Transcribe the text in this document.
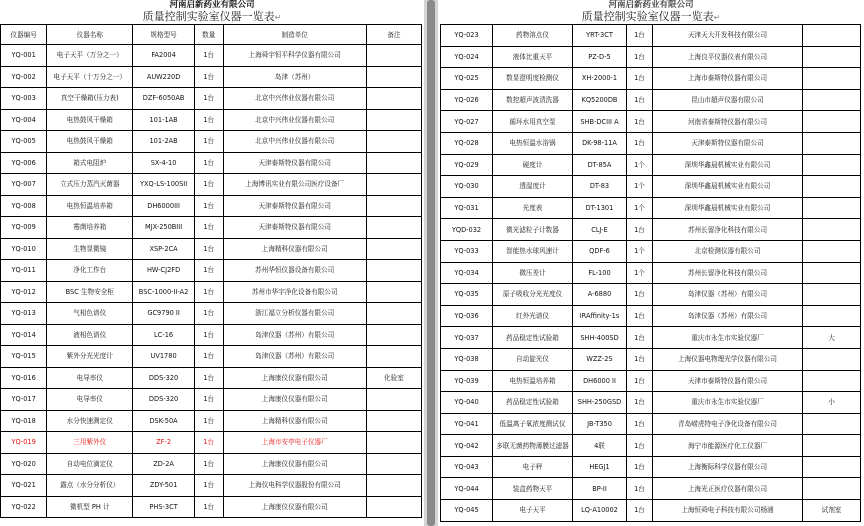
河南启新药业有限公司
质量控制实验室仪器一览表↵
仪器编号	仪器名称	规格型号	数量	制造单位	备注
YQ-001	电子天平（万分之一）	FA2004	1台	上海舜宇恒平科学仪器有限公司	
YQ-002	电子天平（十万分之一）	AUW220D	1台	岛津（苏州）	
YQ-003	真空干燥箱(压力表)	DZF-6050AB	1台	北京中兴伟业仪器有限公司	
YQ-004	电热鼓风干燥箱	101-1AB	1台	北京中兴伟业仪器有限公司	
YQ-005	电热鼓风干燥箱	101-2AB	1台	北京中兴伟业仪器有限公司	
YQ-006	箱式电阻炉	SX-4-10	1台	天津泰斯特仪器有限公司	
YQ-007	立式压力蒸汽灭菌器	YXQ-LS-100SII	1台	上海博讯实业有限公司医疗设备厂	
YQ-008	电热恒温培养箱	DH6000III	1台	天津泰斯特仪器有限公司	
YQ-009	霉菌培养箱	MJX-250BIII	1台	天津泰斯特仪器有限公司	
YQ-010	生物显微镜	XSP-2CA	1台	上海精科仪器有限公司	
YQ-011	净化工作台	HW-CJ2FD	1台	苏州华恒仪器设备有限公司	
YQ-012	BSC 生物安全柜	BSC-1000-II-A2	1台	苏州市华宇净化设备有限公司	
YQ-013	气相色谱仪	GC9790 II	1台	浙江福立分析仪器有限公司	
YQ-014	液相色谱仪	LC-16	1台	岛津仪器（苏州）有限公司	
YQ-015	紫外分光光度计	UV1780	1台	岛津仪器（苏州）有限公司	
YQ-016	电导率仪	DDS-320	1台	上海康仪仪器有限公司	化验室
YQ-017	电导率仪	DDS-320	1台	上海康仪仪器有限公司	
YQ-018	水分快速测定仪	DSK-50A	1台	上海精科仪器有限公司	
YQ-019	三用紫外仪	ZF-2	1台	上海市安亭电子仪器厂	
YQ-020	自动电位滴定仪	ZD-2A	1台	上海康仪仪器有限公司	
YQ-021	露点（水分分析仪）	ZDY-501	1台	上海仪电科学仪器股份有限公司	
YQ-022	微机型 PH 计	PHS-3CT	1台	上海康仪仪器有限公司	
河南启新药业有限公司
质量控制实验室仪器一览表↵
YQ-023	药物溶点仪	YRT-3CT	1台	天津天大开发科技有限公司	
YQ-024	液体比重天平	PZ-D-5	1台	上海良平仪器仪表有限公司	
YQ-025	数显澄明度检测仪	XH-2000-1	1台	上海市泰斯特仪器有限公司	
YQ-026	数控超声波清洗器	KQ5200DB	1台	昆山市超声仪器有限公司	
YQ-027	循环水用真空泵	SHB-DCIII A	1台	河南省泰斯特仪器有限公司	
YQ-028	电热恒温水浴锅	DK-98-11A	1台	天津泰斯特仪器有限公司	
YQ-029	硬度计	DT-85A	1个	深圳华鑫晨机械实业有限公司	
YQ-030	透湿度计	DT-83	1个	深圳华鑫晨机械实业有限公司	
YQ-031	光度表	DT-1301	1个	深圳华鑫晨机械实业有限公司	
YQD-032	微光滤粒子计数器	CLJ-E	1台	苏州长留净化科技有限公司	
YQ-033	智能热水球风速计	QDF-6	1个	北京检测仪器有限公司	
YQ-034	微压差计	FL-100	1个	苏州长留净化科技有限公司	
YQ-035	原子吸收分光光度仪	A-6880	1台	岛津仪器（苏州）有限公司	
YQ-036	红外光谱仪	IRAffinity-1s	1台	岛津仪器（苏州）有限公司	
YQ-037	药品稳定性试验箱	SHH-400SD	1台	重庆市永生市实验仪器厂	大
YQ-038	自动旋光仪	WZZ-2S	1台	上海仪器电物理光学仪器有限公司	
YQ-039	电热恒温培养箱	DH6000 II	1台	天津市泰斯特仪器有限公司	
YQ-040	药品稳定性试验箱	SHH-250GSD	1台	重庆市永生市实验仪器厂	小
YQ-041	低温离子氧浓度测试仪	JB-T350	1台	青岛崂虎特电子净化设备有限公司	
YQ-042	多联无菌药物薄膜过滤器	4联	1台	海宁市能源医疗化工仪器厂	
YQ-043	电子秤	HEGJ1	1台	上海衡际科学仪器有限公司	
YQ-044	装盒药物天平	BP-II	1台	上海光正医疗仪器有限公司	
YQ-045	电子天平	LQ-A10002	1台	上海恒舜电子科技有限公司杨浦	试剂室
